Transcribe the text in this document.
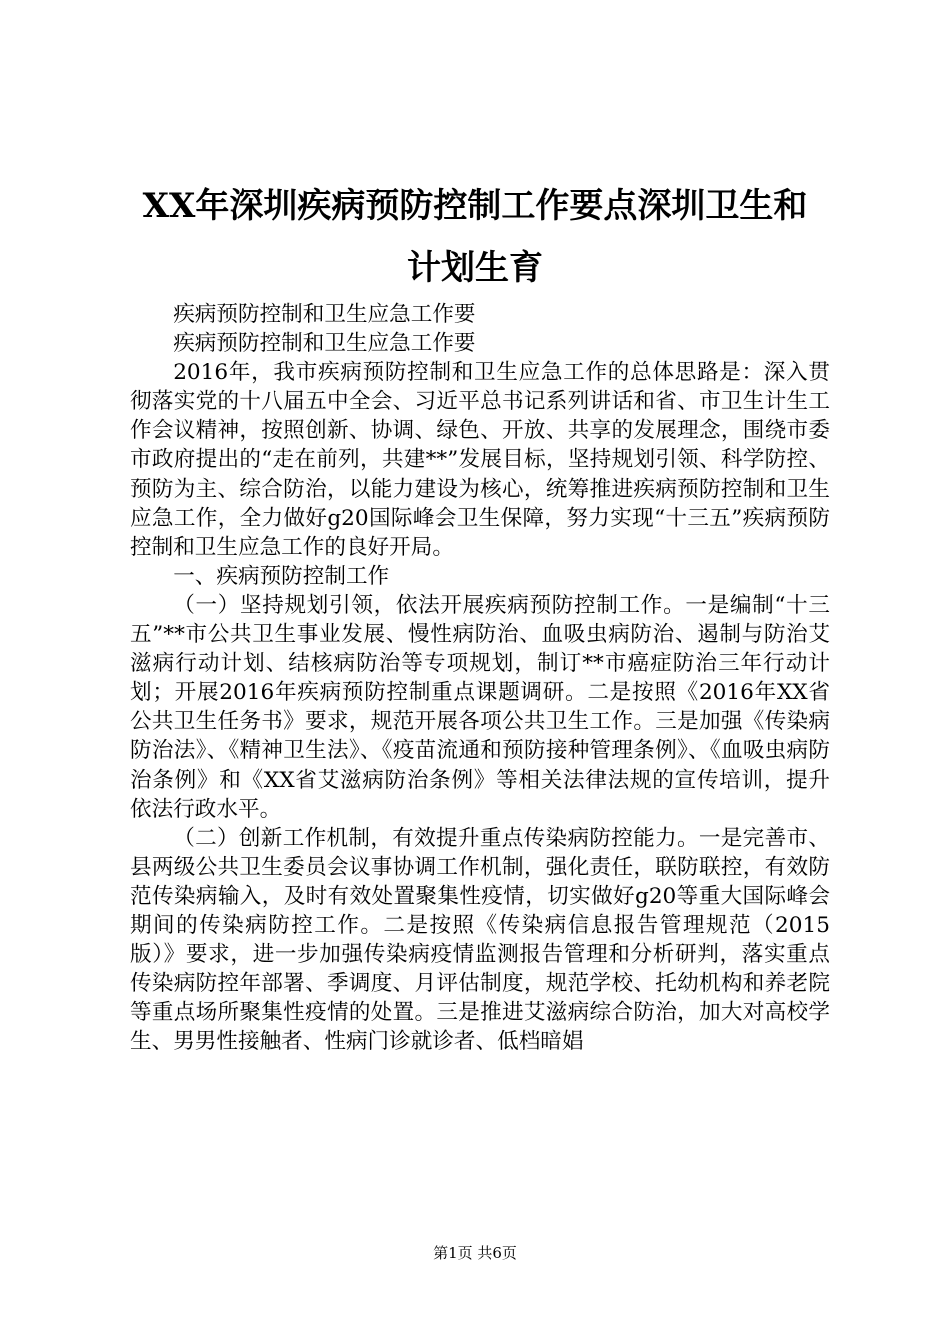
XX年深圳疾病预防控制工作要点深圳卫生和
计划生育

疾病预防控制和卫生应急工作要

疾病预防控制和卫生应急工作要

2016年，我市疾病预防控制和卫生应急工作的总体思路是：深入贯彻落实党的十八届五中全会、习近平总书记系列讲话和省、市卫生计生工作会议精神，按照创新、协调、绿色、开放、共享的发展理念，围绕市委市政府提出的“走在前列，共建**”发展目标，坚持规划引领、科学防控、预防为主、综合防治，以能力建设为核心，统筹推进疾病预防控制和卫生应急工作，全力做好g20国际峰会卫生保障，努力实现“十三五”疾病预防控制和卫生应急工作的良好开局。

一、疾病预防控制工作

（一）坚持规划引领，依法开展疾病预防控制工作。一是编制“十三五”**市公共卫生事业发展、慢性病防治、血吸虫病防治、遏制与防治艾滋病行动计划、结核病防治等专项规划，制订**市癌症防治三年行动计划；开展2016年疾病预防控制重点课题调研。二是按照《2016年XX省公共卫生任务书》要求，规范开展各项公共卫生工作。三是加强《传染病防治法》、《精神卫生法》、《疫苗流通和预防接种管理条例》、《血吸虫病防治条例》和《XX省艾滋病防治条例》等相关法律法规的宣传培训，提升依法行政水平。

（二）创新工作机制，有效提升重点传染病防控能力。一是完善市、县两级公共卫生委员会议事协调工作机制，强化责任，联防联控，有效防范传染病输入，及时有效处置聚集性疫情，切实做好g20等重大国际峰会期间的传染病防控工作。二是按照《传染病信息报告管理规范（2015版）》要求，进一步加强传染病疫情监测报告管理和分析研判，落实重点传染病防控年部署、季调度、月评估制度，规范学校、托幼机构和养老院等重点场所聚集性疫情的处置。三是推进艾滋病综合防治，加大对高校学生、男男性接触者、性病门诊就诊者、低档暗娼

第1页 共6页
